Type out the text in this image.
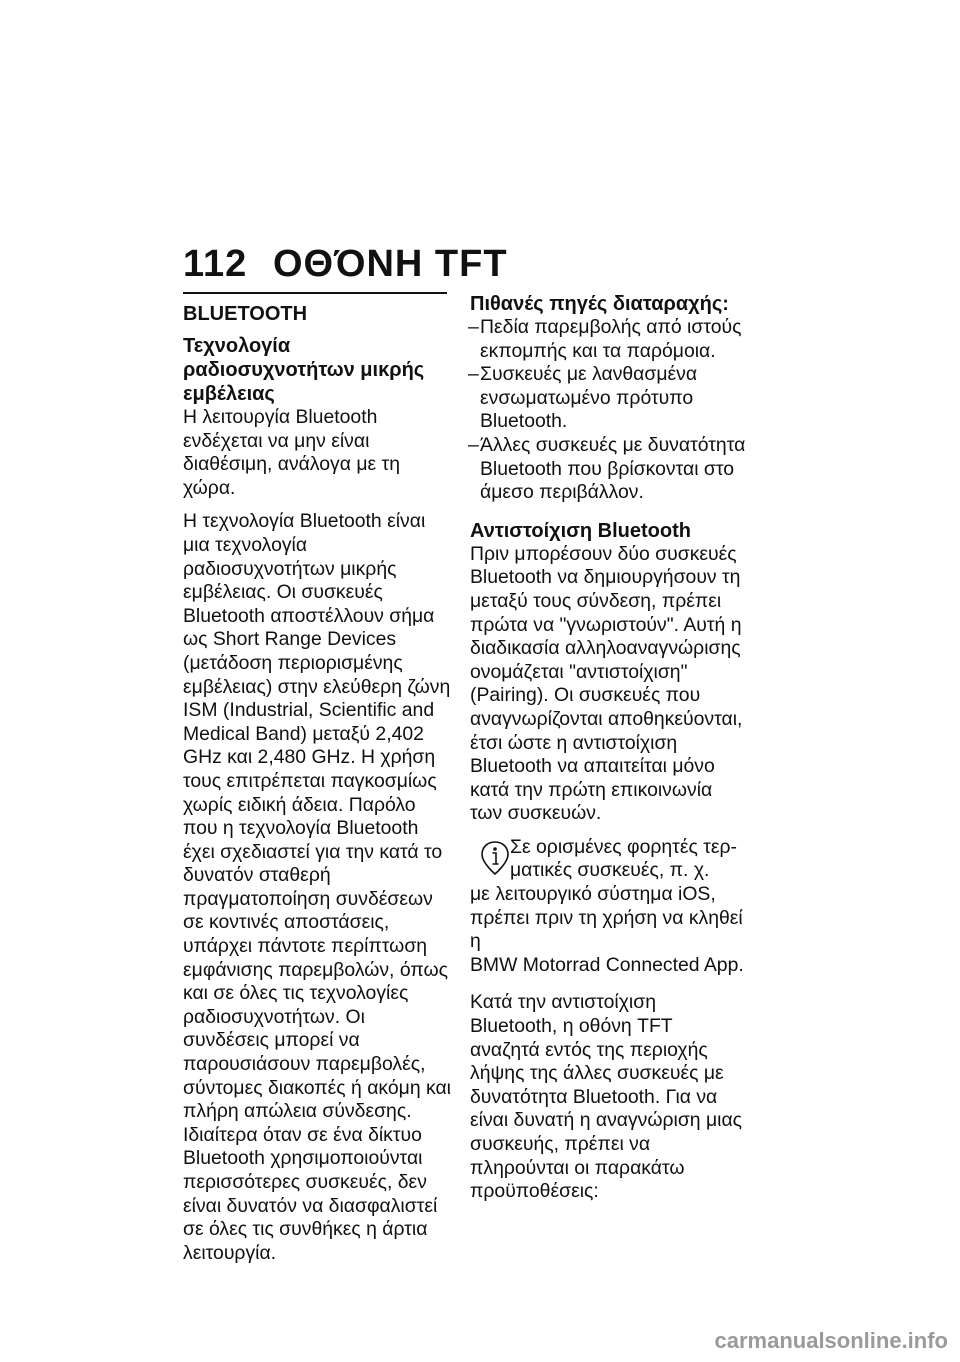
112 ΟΘΌΝΗ TFT
BLUETOOTH
Τεχνολογία ραδιοσυχνοτήτων μικρής εμβέλειας

Η λειτουργία Bluetooth ενδέχεται να μην είναι διαθέσιμη, ανάλογα με τη χώρα.

Η τεχνολογία Bluetooth είναι μια τεχνολογία ραδιοσυχνοτήτων μικρής εμβέλειας. Οι συσκευές Bluetooth αποστέλλουν σήμα ως Short Range Devices (μετάδοση περιορισμένης εμβέλειας) στην ελεύθερη ζώνη ISM (Industrial, Scientific and Medical Band) μεταξύ 2,402 GHz και 2,480 GHz. Η χρήση τους επιτρέπεται παγκοσμίως χωρίς ειδική άδεια. Παρόλο που η τεχνολογία Bluetooth έχει σχεδιαστεί για την κατά το δυνατόν σταθερή πραγματοποίηση συνδέσεων σε κοντινές αποστάσεις, υπάρχει πάντοτε περίπτωση εμφάνισης παρεμβολών, όπως και σε όλες τις τεχνολογίες ραδιοσυχνοτήτων. Οι συνδέσεις μπορεί να παρουσιάσουν παρεμβολές, σύντομες διακοπές ή ακόμη και πλήρη απώλεια σύνδεσης. Ιδιαίτερα όταν σε ένα δίκτυο Bluetooth χρησιμοποιούνται περισσότερες συσκευές, δεν είναι δυνατόν να διασφαλιστεί σε όλες τις συνθήκες η άρτια λειτουργία.

Πιθανές πηγές διαταραχής:
– Πεδία παρεμβολής από ιστούς εκπομπής και τα παρόμοια.
– Συσκευές με λανθασμένα ενσωματωμένο πρότυπο Bluetooth.
– Άλλες συσκευές με δυνατότητα Bluetooth που βρίσκονται στο άμεσο περιβάλλον.
Αντιστοίχιση Bluetooth

Πριν μπορέσουν δύο συσκευές Bluetooth να δημιουργήσουν τη μεταξύ τους σύνδεση, πρέπει πρώτα να "γνωριστούν". Αυτή η διαδικασία αλληλοαναγνώρισης ονομάζεται "αντιστοίχιση" (Pairing). Οι συσκευές που αναγνωρίζονται αποθηκεύονται, έτσι ώστε η αντιστοίχιση Bluetooth να απαιτείται μόνο κατά την πρώτη επικοινωνία των συσκευών.

Σε ορισμένες φορητές τερ-
ματικές συσκευές, π. χ.
με λειτουργικό σύστημα iOS,
πρέπει πριν τη χρήση να κληθεί η
BMW Motorrad Connected App.

Κατά την αντιστοίχιση Bluetooth, η οθόνη TFT αναζητά εντός της περιοχής λήψης της άλλες συσκευές με δυνατότητα Bluetooth. Για να είναι δυνατή η αναγνώριση μιας συσκευής, πρέπει να πληρούνται οι παρακάτω προϋποθέσεις:

carmanualsonline.info
